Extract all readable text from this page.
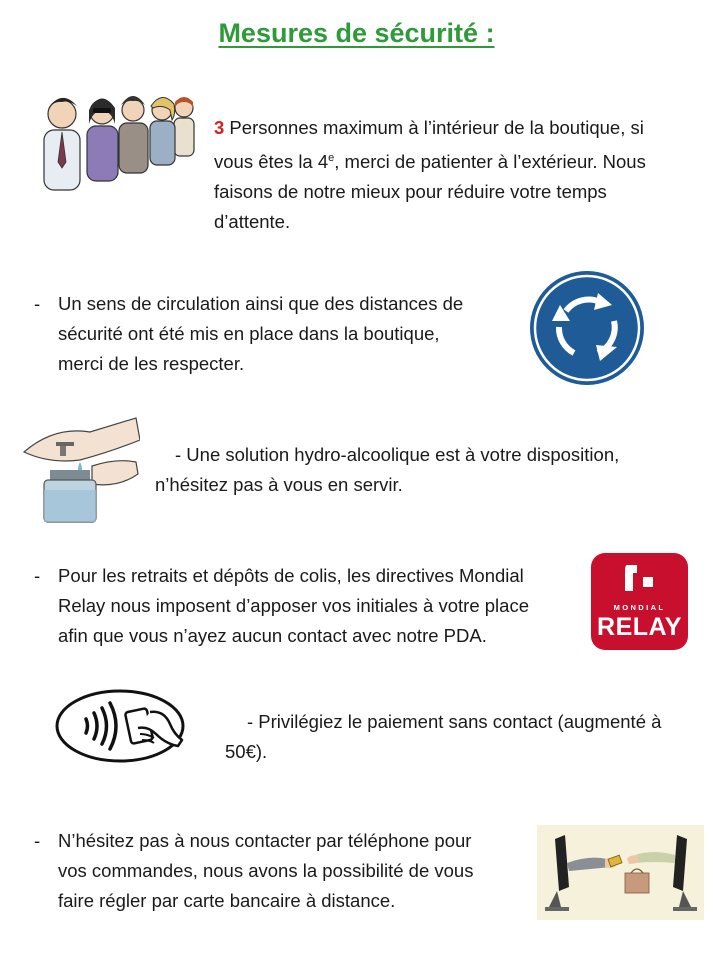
Mesures de sécurité :
3 Personnes maximum à l’intérieur de la boutique, si
vous êtes la 4e, merci de patienter à l’extérieur. Nous
faisons de notre mieux pour réduire votre temps
d’attente.
- Un sens de circulation ainsi que des distances de
sécurité ont été mis en place dans la boutique,
merci de les respecter.
- Une solution hydro-alcoolique est à votre disposition,
n’hésitez pas à vous en servir.
- Pour les retraits et dépôts de colis, les directives Mondial
Relay nous imposent d’apposer vos initiales à votre place
afin que vous n’ayez aucun contact avec notre PDA.
MONDIAL
RELAY
- Privilégiez le paiement sans contact (augmenté à
50€).
- N’hésitez pas à nous contacter par téléphone pour
vos commandes, nous avons la possibilité de vous
faire régler par carte bancaire à distance.
